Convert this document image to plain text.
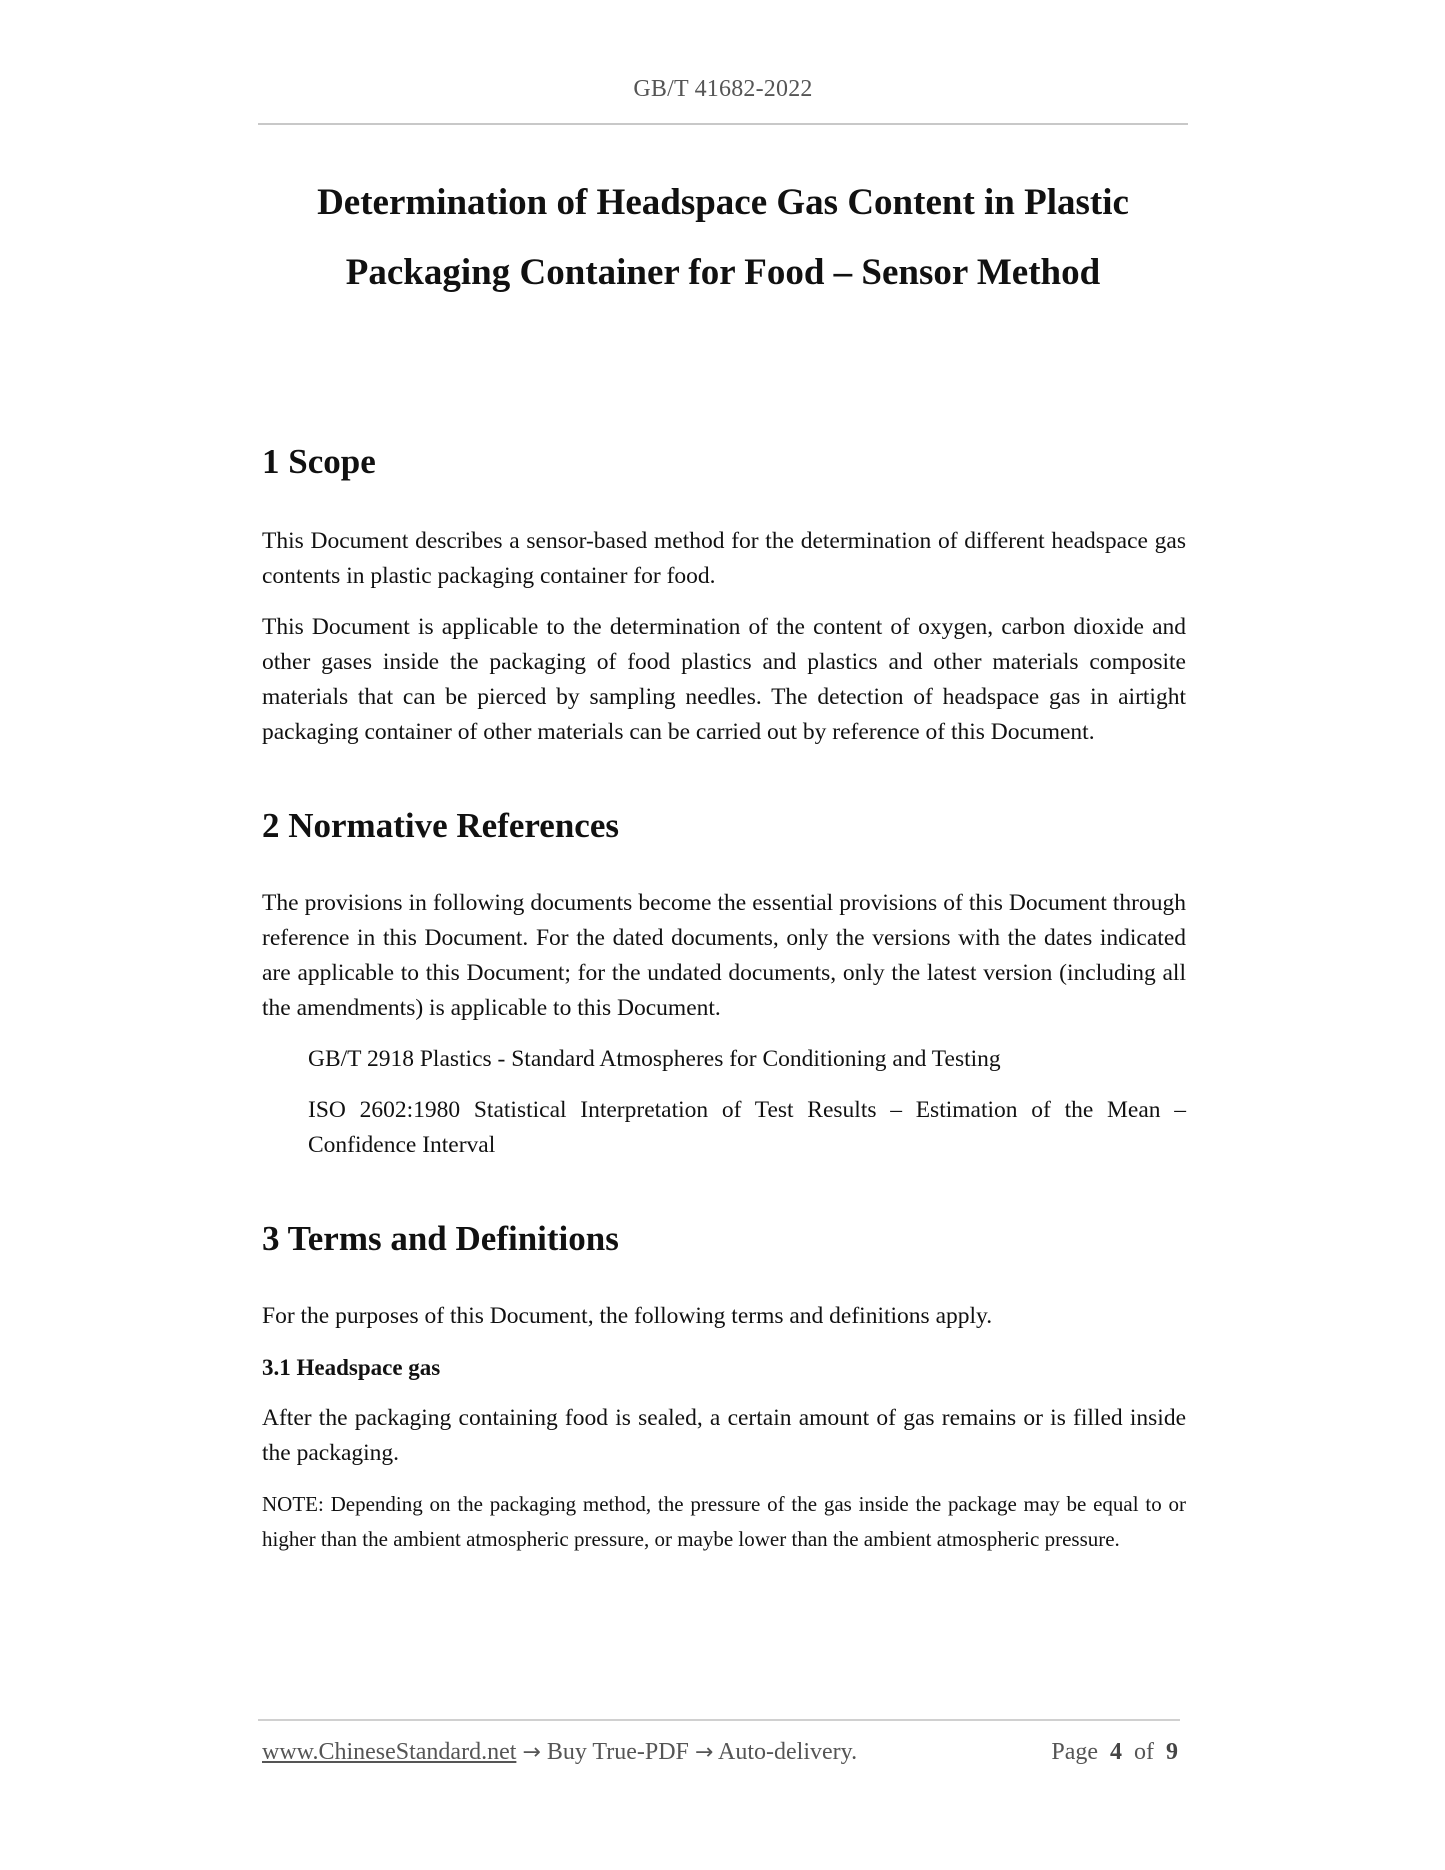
GB/T 41682-2022
Determination of Headspace Gas Content in Plastic
Packaging Container for Food – Sensor Method
1 Scope

This Document describes a sensor-based method for the determination of different headspace gas contents in plastic packaging container for food.

This Document is applicable to the determination of the content of oxygen, carbon dioxide and other gases inside the packaging of food plastics and plastics and other materials composite materials that can be pierced by sampling needles. The detection of headspace gas in airtight packaging container of other materials can be carried out by reference of this Document.

2 Normative References

The provisions in following documents become the essential provisions of this Document through reference in this Document. For the dated documents, only the versions with the dates indicated are applicable to this Document; for the undated documents, only the latest version (including all the amendments) is applicable to this Document.

GB/T 2918 Plastics - Standard Atmospheres for Conditioning and Testing

ISO 2602:1980 Statistical Interpretation of Test Results – Estimation of the Mean – Confidence Interval

3 Terms and Definitions

For the purposes of this Document, the following terms and definitions apply.

3.1 Headspace gas

After the packaging containing food is sealed, a certain amount of gas remains or is filled inside the packaging.

NOTE: Depending on the packaging method, the pressure of the gas inside the package may be equal to or higher than the ambient atmospheric pressure, or maybe lower than the ambient atmospheric pressure.

www.ChineseStandard.net → Buy True-PDF → Auto-delivery.	Page 4 of 9
